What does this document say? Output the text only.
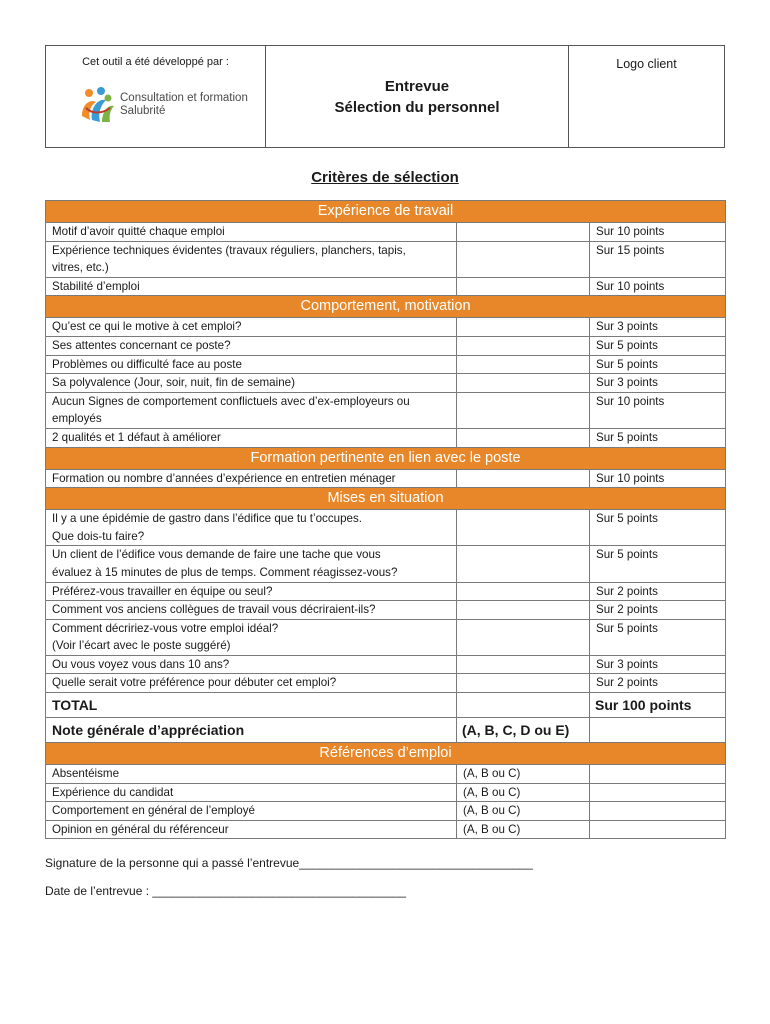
Cet outil a été développé par :
Consultation et formation
Salubrité
Entrevue
Sélection du personnel
Logo client
Critères de sélection
Expérience de travail		
Motif d’avoir quitté chaque emploi		Sur 10 points

Expérience techniques évidentes (travaux réguliers, planchers, tapis,
vitres, etc.)		Sur 15 points
Stabilité d’emploi		Sur 10 points
Comportement, motivation		
Qu’est ce qui le motive à cet emploi?		Sur 3 points
Ses attentes concernant ce poste?		Sur 5 points
Problèmes ou difficulté face au poste		Sur 5 points
Sa polyvalence (Jour, soir, nuit, fin de semaine)		Sur 3 points

Aucun Signes de comportement conflictuels avec d’ex-employeurs ou
employés		Sur 10 points
2 qualités et 1 défaut à améliorer		Sur 5 points
Formation pertinente en lien avec le poste		
Formation ou nombre d’années d’expérience en entretien ménager		Sur 10 points
Mises en situation		

Il y a une épidémie de gastro dans l’édifice que tu t’occupes.
Que dois-tu faire?		Sur 5 points

Un client de l’édifice vous demande de faire une tache que vous
évaluez à 15 minutes de plus de temps. Comment réagissez-vous?		Sur 5 points
Préférez-vous travailler en équipe ou seul?		Sur 2 points
Comment vos anciens collègues de travail vous décriraient-ils?		Sur 2 points

Comment décririez-vous votre emploi idéal?
(Voir l’écart avec le poste suggéré)		Sur 5 points
Ou vous voyez vous dans 10 ans?		Sur 3 points
Quelle serait votre préférence pour débuter cet emploi?		Sur 2 points
TOTAL		Sur 100 points
Note générale d’appréciation	(A, B, C, D ou E)	
Références d’emploi		
Absentéisme	(A, B ou C)	
Expérience du candidat	(A, B ou C)	
Comportement en général de l’employé	(A, B ou C)	
Opinion en général du référenceur	(A, B ou C)	
Signature de la personne qui a passé l’entrevue___________________________________
Date de l’entrevue : ______________________________________
